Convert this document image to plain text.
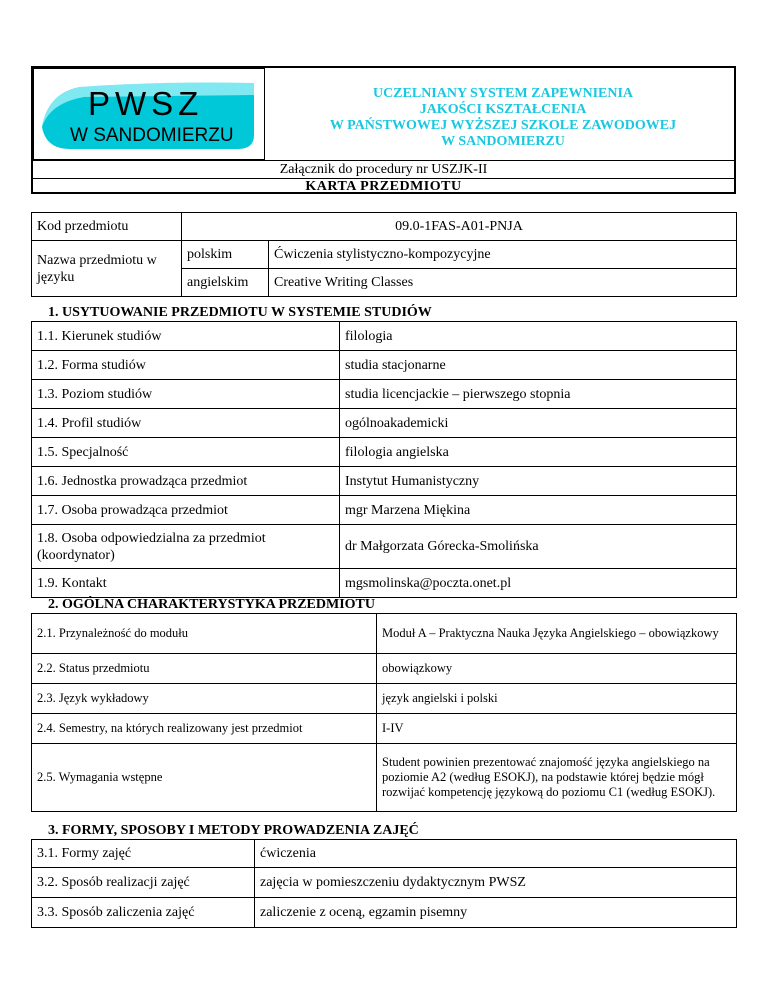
PWSZ
W SANDOMIERZU
UCZELNIANY SYSTEM ZAPEWNIENIA
JAKOŚCI KSZTAŁCENIA
W PAŃSTWOWEJ WYŻSZEJ SZKOLE ZAWODOWEJ
W SANDOMIERZU
Załącznik do procedury nr USZJK-II
KARTA PRZEDMIOTU
Kod przedmiotu	09.0-1FAS-A01-PNJA	
Nazwa przedmiotu w języku	polskim	Ćwiczenia stylistyczno-kompozycyjne
	angielskim	Creative Writing Classes
1. USYTUOWANIE PRZEDMIOTU W SYSTEMIE STUDIÓW
1.1. Kierunek studiów	filologia
1.2. Forma studiów	studia stacjonarne
1.3. Poziom studiów	studia licencjackie – pierwszego stopnia
1.4. Profil studiów	ogólnoakademicki
1.5. Specjalność	filologia angielska
1.6. Jednostka prowadząca przedmiot	Instytut Humanistyczny
1.7. Osoba prowadząca przedmiot	mgr Marzena Miękina

1.8. Osoba odpowiedzialna za przedmiot (koordynator)	dr Małgorzata Górecka-Smolińska
1.9. Kontakt	mgsmolinska@poczta.onet.pl
2. OGÓLNA CHARAKTERYSTYKA PRZEDMIOTU
2.1. Przynależność do modułu	Moduł A – Praktyczna Nauka Języka Angielskiego – obowiązkowy
2.2. Status przedmiotu	obowiązkowy
2.3. Język wykładowy	język angielski i polski
2.4. Semestry, na których realizowany jest przedmiot	I-IV
2.5. Wymagania wstępne	Student powinien prezentować znajomość języka angielskiego na poziomie A2 (według ESOKJ), na podstawie której będzie mógł rozwijać kompetencję językową do poziomu C1 (według ESOKJ).
3. FORMY, SPOSOBY I METODY PROWADZENIA ZAJĘĆ
3.1. Formy zajęć	ćwiczenia
3.2. Sposób realizacji zajęć	zajęcia w pomieszczeniu dydaktycznym PWSZ
3.3. Sposób zaliczenia zajęć	zaliczenie z oceną, egzamin pisemny
